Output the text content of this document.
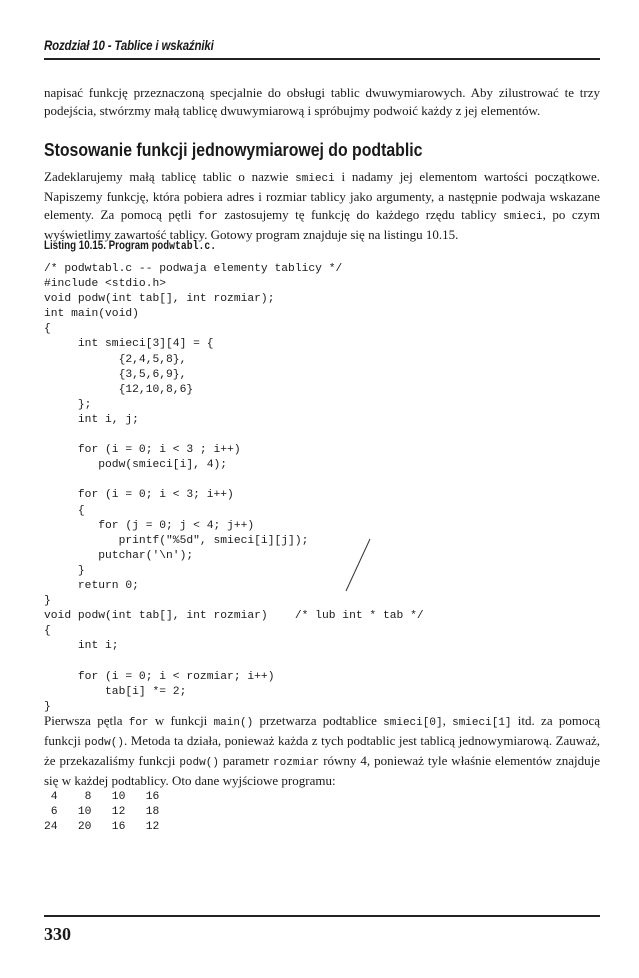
Rozdział 10 - Tablice i wskaźniki

napisać funkcję przeznaczoną specjalnie do obsługi tablic dwuwymiarowych. Aby zilustrować te trzy podejścia, stwórzmy małą tablicę dwuwymiarową i spróbujmy podwoić każdy z jej elementów.

Stosowanie funkcji jednowymiarowej do podtablic

Zadeklarujemy małą tablicę tablic o nazwie smieci i nadamy jej elementom wartości początkowe. Napiszemy funkcję, która pobiera adres i rozmiar tablicy jako argumenty, a następnie podwaja wskazane elementy. Za pomocą pętli for zastosujemy tę funkcję do każdego rzędu tablicy smieci, po czym wyświetlimy zawartość tablicy. Gotowy program znajduje się na listingu 10.15.

Listing 10.15. Program podwtabl.c.
/* podwtabl.c -- podwaja elementy tablicy */
#include <stdio.h>
void podw(int tab[], int rozmiar);
int main(void)
{
int smieci[3][4] = {
{2,4,5,8},
{3,5,6,9},
{12,10,8,6}
};
int i, j;

for (i = 0; i < 3 ; i++)
podw(smieci[i], 4);

for (i = 0; i < 3; i++)
{
for (j = 0; j < 4; j++)
printf("%5d", smieci[i][j]);
putchar('\n');
}
return 0;
}
void podw(int tab[], int rozmiar)    /* lub int * tab */
{
int i;

for (i = 0; i < rozmiar; i++)
tab[i] *= 2;
}

Pierwsza pętla for w funkcji main() przetwarza podtablice smieci[0], smieci[1] itd. za pomocą funkcji podw(). Metoda ta działa, ponieważ każda z tych podtablic jest tablicą jednowymiarową. Zauważ, że przekazaliśmy funkcji podw() parametr rozmiar równy 4, ponieważ tyle właśnie elementów znajduje się w każdej podtablicy. Oto dane wyjściowe programu:

4    8   10   16
6   10   12   18
24   20   16   12
330
